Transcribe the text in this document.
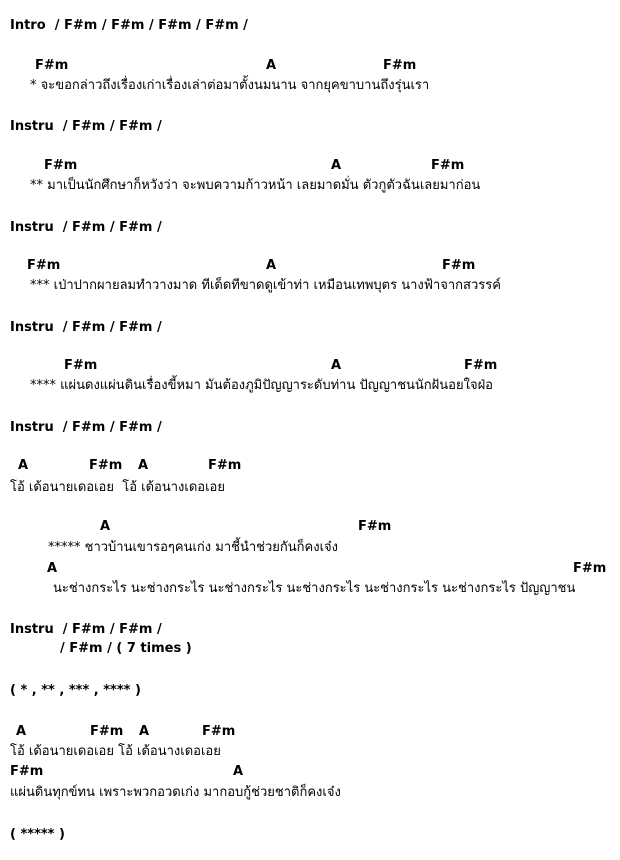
Intro  / F#m / F#m / F#m / F#m /
F#m	A	F#m
* จะขอกล่าวถึงเรื่องเก่าเรื่องเล่าต่อมาตั้งนมนาน จากยุคขาบานถึงรุ่นเรา
Instru  / F#m / F#m /
F#m	A	F#m
** มาเป็นนักศึกษาก็หวังว่า จะพบความก้าวหน้า เลยมาดมั่น ตัวกูตัวฉันเลยมาก่อน
Instru  / F#m / F#m /
F#m	A	F#m
*** เป่าปากผายลมทำวางมาด ทีเด็ดทีขาดดูเข้าท่า เหมือนเทพบุตร นางฟ้าจากสวรรค์
Instru  / F#m / F#m /
F#m	A	F#m
**** แผ่นดงแผ่นดินเรื่องขี้หมา มันต้องภูมิปัญญาระดับท่าน ปัญญาชนนักฝันอยใจฝ่อ
Instru  / F#m / F#m /
A	F#m A	F#m
โอ้ เด้อนายเดอเอย  โอ้ เด้อนางเดอเอย
A	F#m
***** ชาวบ้านเขารอๆคนเก่ง มาชี้นำช่วยกันก็คงเจ๋ง
A	F#m
นะช่างกระไร นะช่างกระไร นะช่างกระไร นะช่างกระไร นะช่างกระไร นะช่างกระไร ปัญญาชน
Instru  / F#m / F#m /
/ F#m / ( 7 times )
( * , ** , *** , **** )
A	F#m A	F#m
โอ้ เด้อนายเดอเอย โอ้ เด้อนางเดอเอย
F#m	A
แผ่นดินทุกข์ทน เพราะพวกอวดเก่ง มากอบกู้ช่วยชาติก็คงเจ๋ง
( ***** )
